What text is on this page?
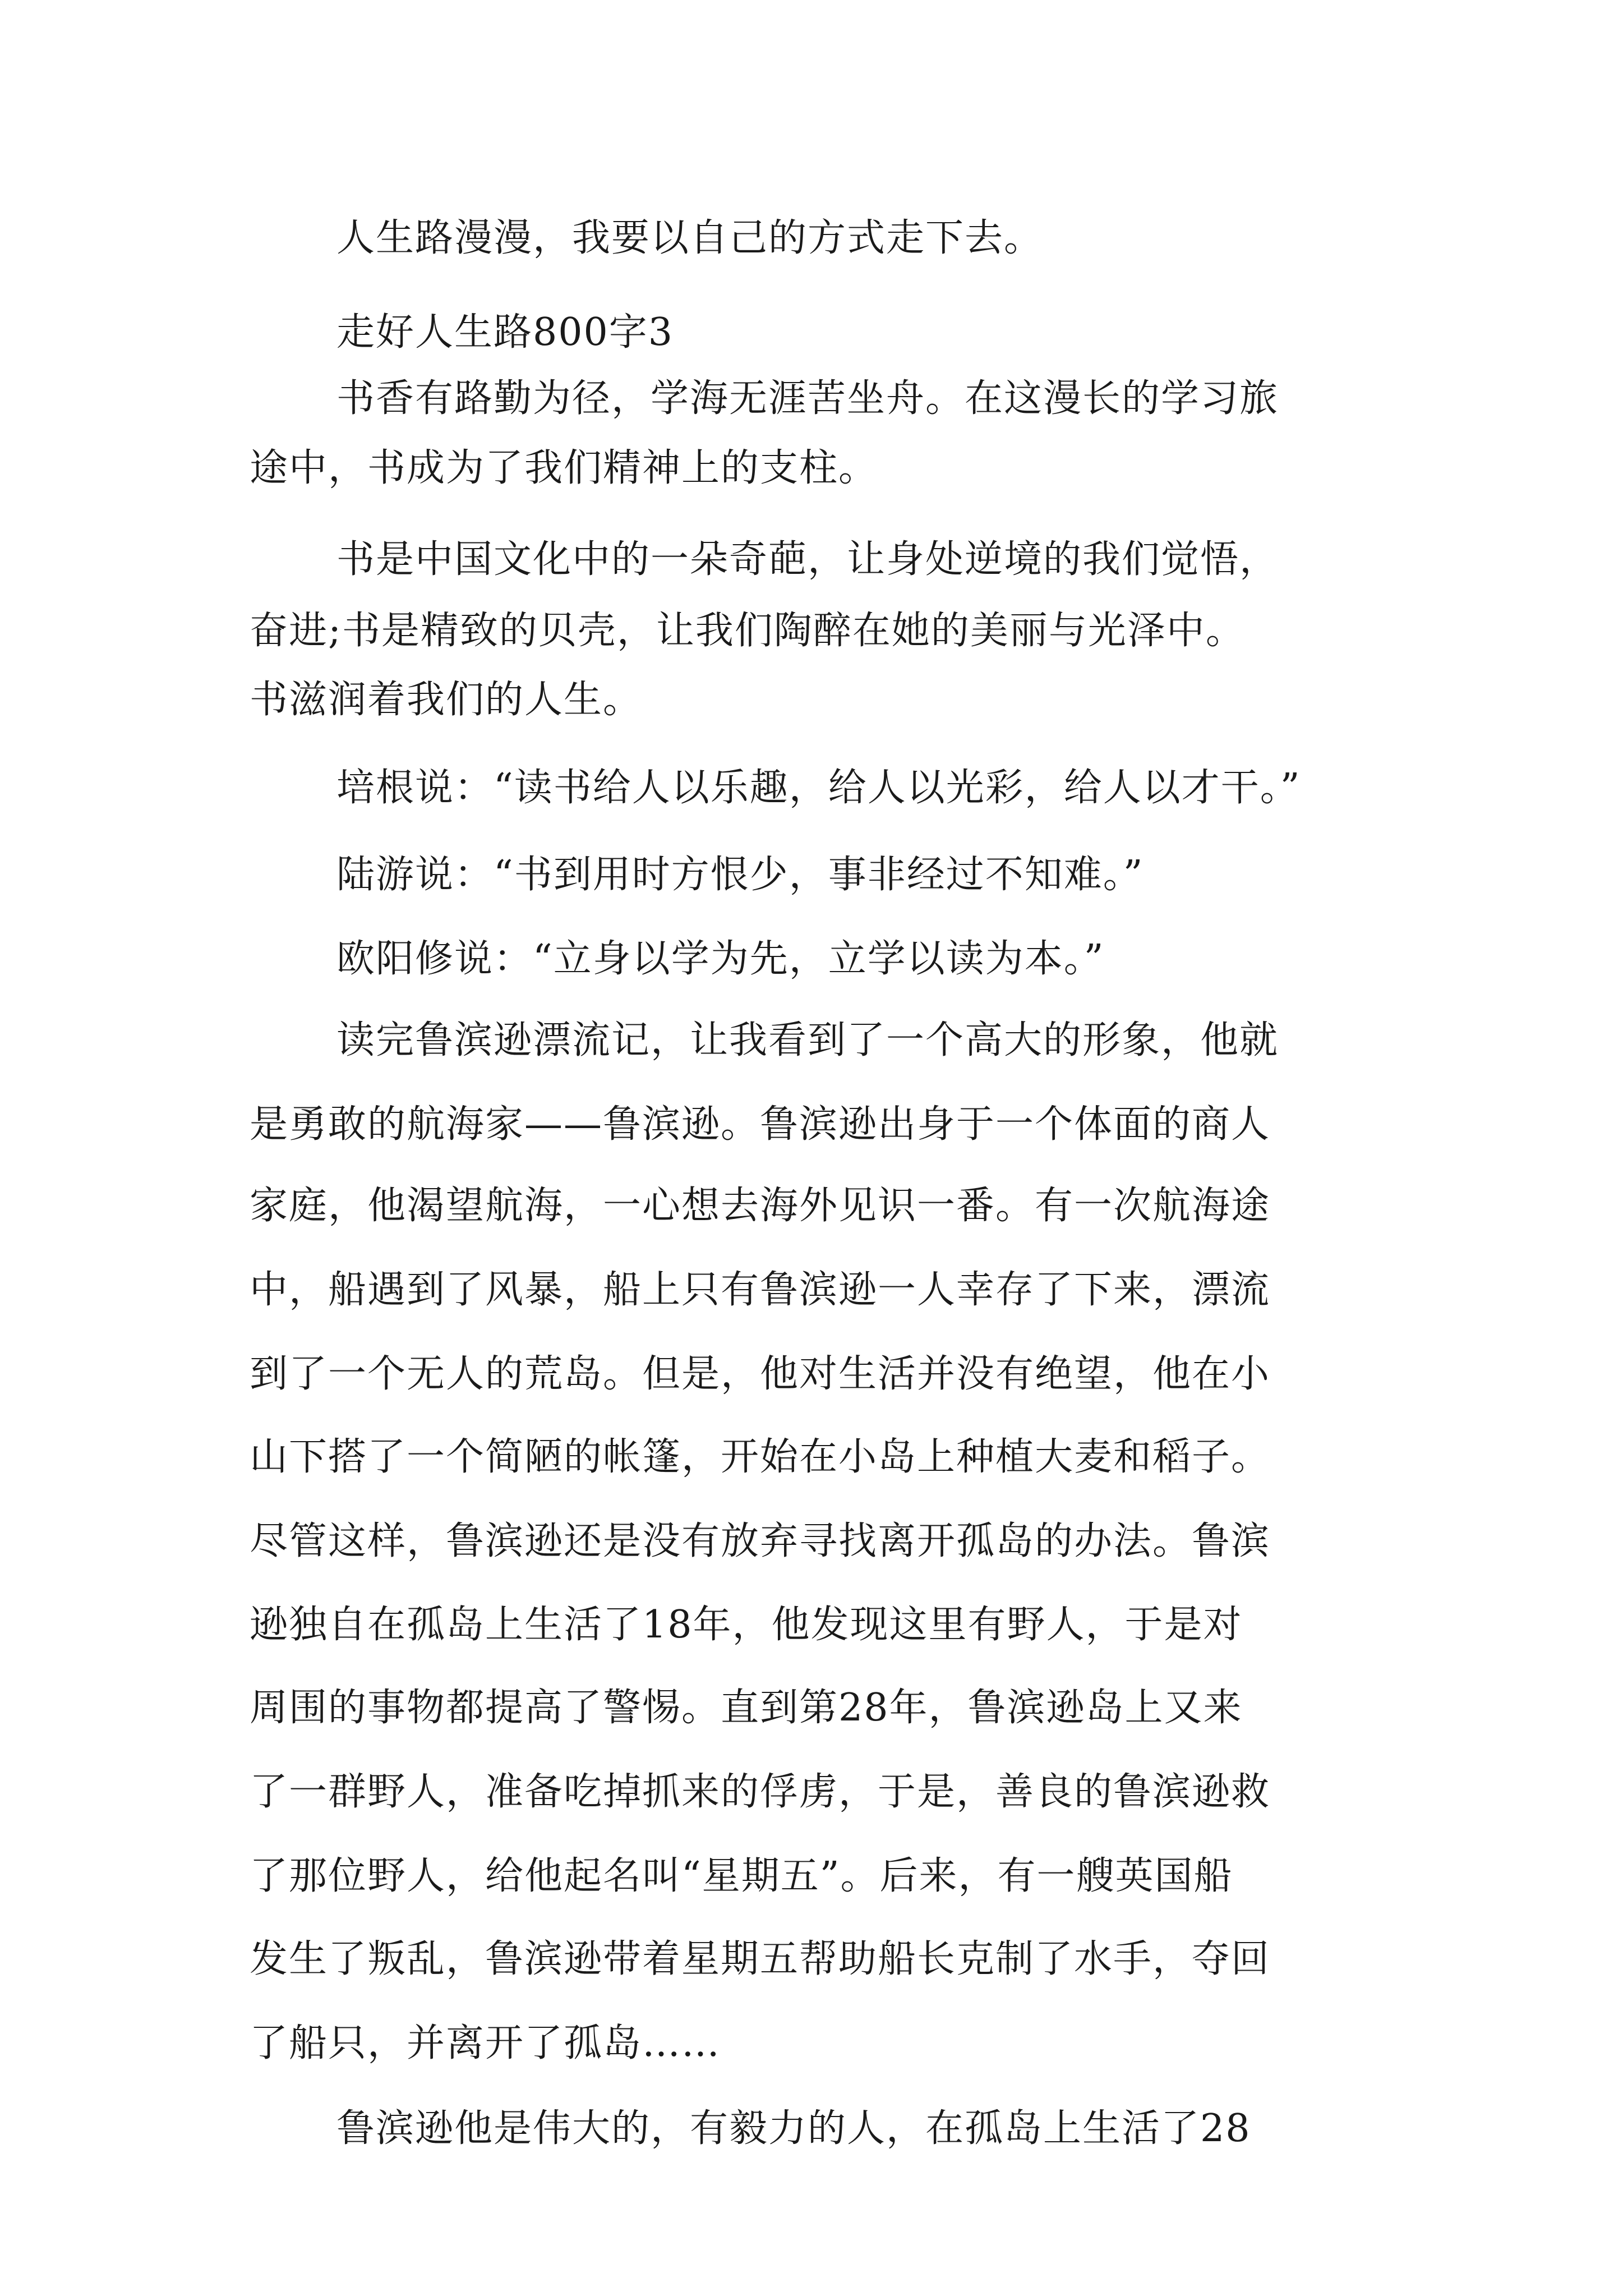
人生路漫漫，我要以自己的方式走下去。
走好人生路800字3
书香有路勤为径，学海无涯苦坐舟。在这漫长的学习旅
途中，书成为了我们精神上的支柱。
书是中国文化中的一朵奇葩，让身处逆境的我们觉悟，
奋进;书是精致的贝壳，让我们陶醉在她的美丽与光泽中。
书滋润着我们的人生。
培根说：“读书给人以乐趣，给人以光彩，给人以才干。”
陆游说：“书到用时方恨少，事非经过不知难。”
欧阳修说：“立身以学为先，立学以读为本。”
读完鲁滨逊漂流记，让我看到了一个高大的形象，他就
是勇敢的航海家——鲁滨逊。鲁滨逊出身于一个体面的商人
家庭，他渴望航海，一心想去海外见识一番。有一次航海途
中，船遇到了风暴，船上只有鲁滨逊一人幸存了下来，漂流
到了一个无人的荒岛。但是，他对生活并没有绝望，他在小
山下搭了一个简陋的帐篷，开始在小岛上种植大麦和稻子。
尽管这样，鲁滨逊还是没有放弃寻找离开孤岛的办法。鲁滨
逊独自在孤岛上生活了18年，他发现这里有野人，于是对
周围的事物都提高了警惕。直到第28年，鲁滨逊岛上又来
了一群野人，准备吃掉抓来的俘虏，于是，善良的鲁滨逊救
了那位野人，给他起名叫“星期五”。后来，有一艘英国船
发生了叛乱，鲁滨逊带着星期五帮助船长克制了水手，夺回
了船只，并离开了孤岛……
鲁滨逊他是伟大的，有毅力的人，在孤岛上生活了28
